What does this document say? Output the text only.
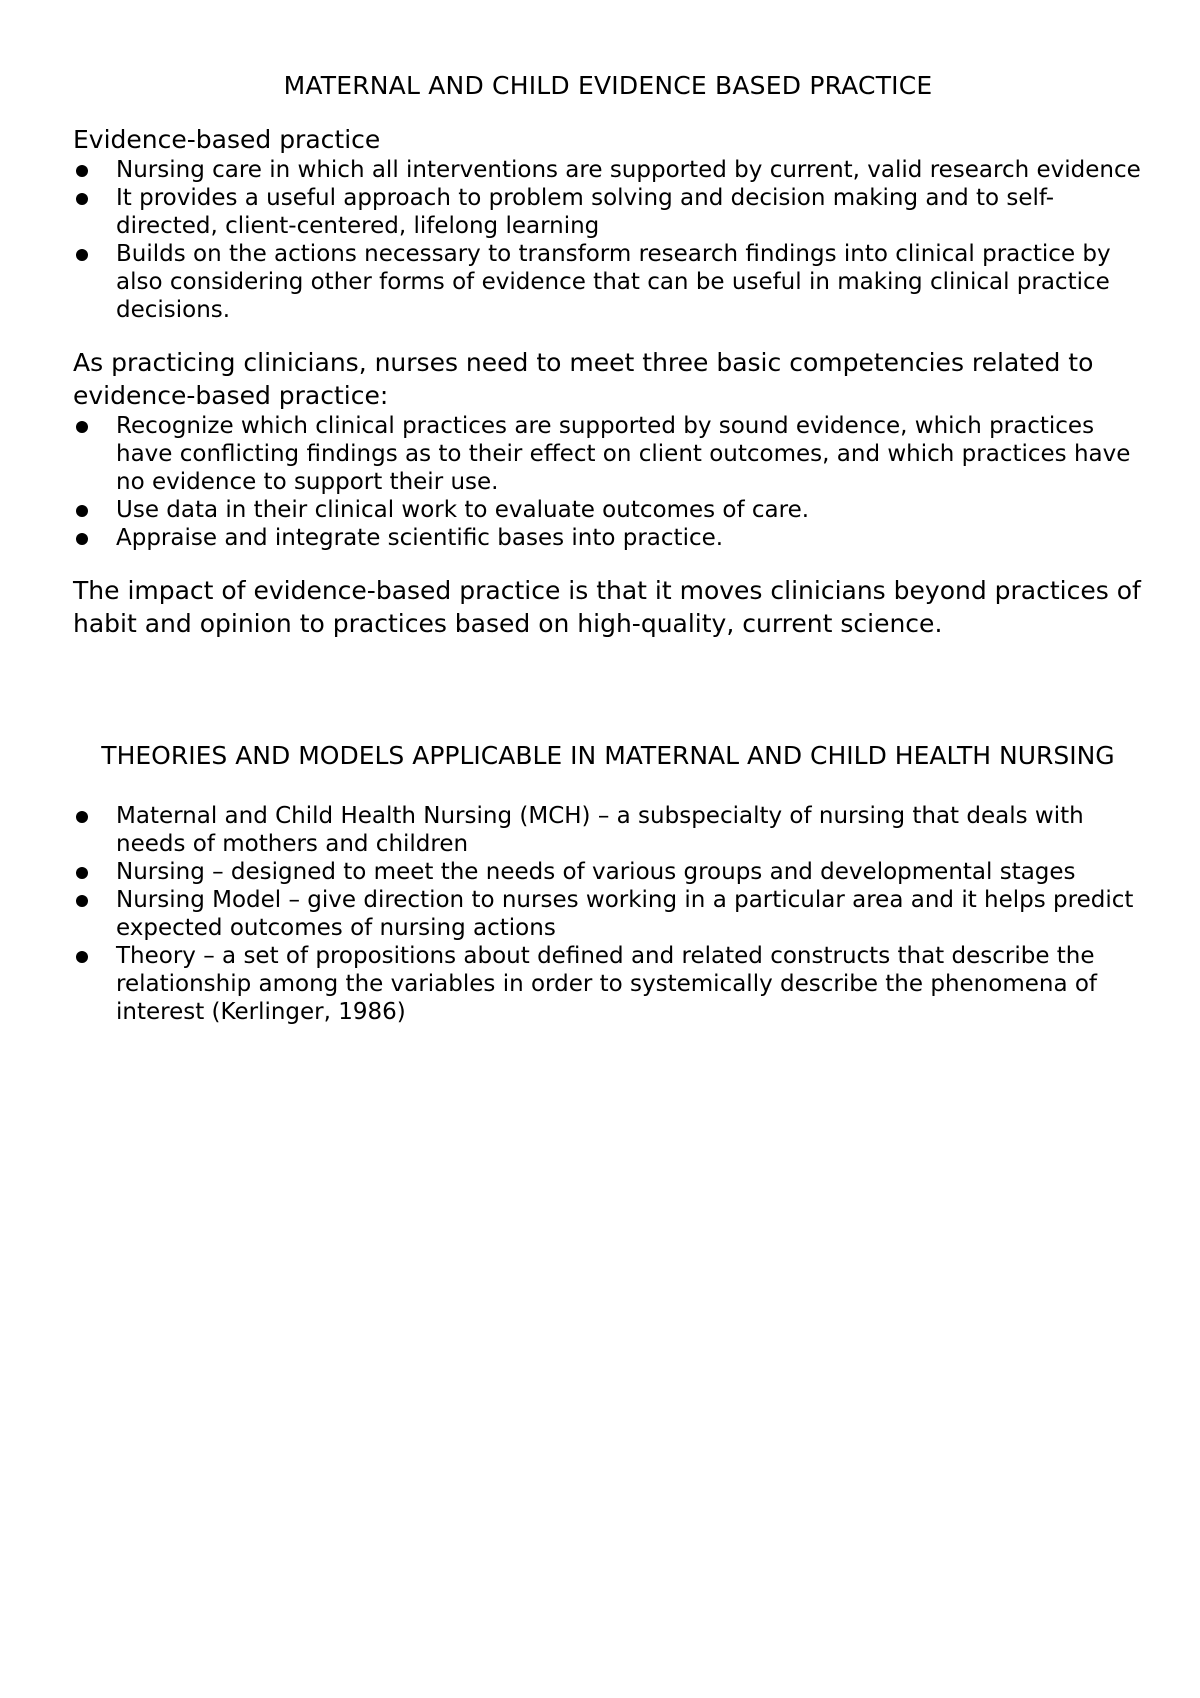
MATERNAL AND CHILD EVIDENCE BASED PRACTICE

Evidence-based practice

Nursing care in which all interventions are supported by current, valid research evidence
It provides a useful approach to problem solving and decision making and to self-directed, client-centered, lifelong learning
Builds on the actions necessary to transform research findings into clinical practice by also considering other forms of evidence that can be useful in making clinical practice decisions.

As practicing clinicians, nurses need to meet three basic competencies related to evidence-based practice:

Recognize which clinical practices are supported by sound evidence, which practices have conflicting findings as to their effect on client outcomes, and which practices have no evidence to support their use.
Use data in their clinical work to evaluate outcomes of care.
Appraise and integrate scientific bases into practice.

The impact of evidence-based practice is that it moves clinicians beyond practices of habit and opinion to practices based on high-quality, current science.

THEORIES AND MODELS APPLICABLE IN MATERNAL AND CHILD HEALTH NURSING
Maternal and Child Health Nursing (MCH) – a subspecialty of nursing that deals with needs of mothers and children
Nursing – designed to meet the needs of various groups and developmental stages
Nursing Model – give direction to nurses working in a particular area and it helps predict expected outcomes of nursing actions
Theory – a set of propositions about defined and related constructs that describe the relationship among the variables in order to systemically describe the phenomena of interest (Kerlinger, 1986)
